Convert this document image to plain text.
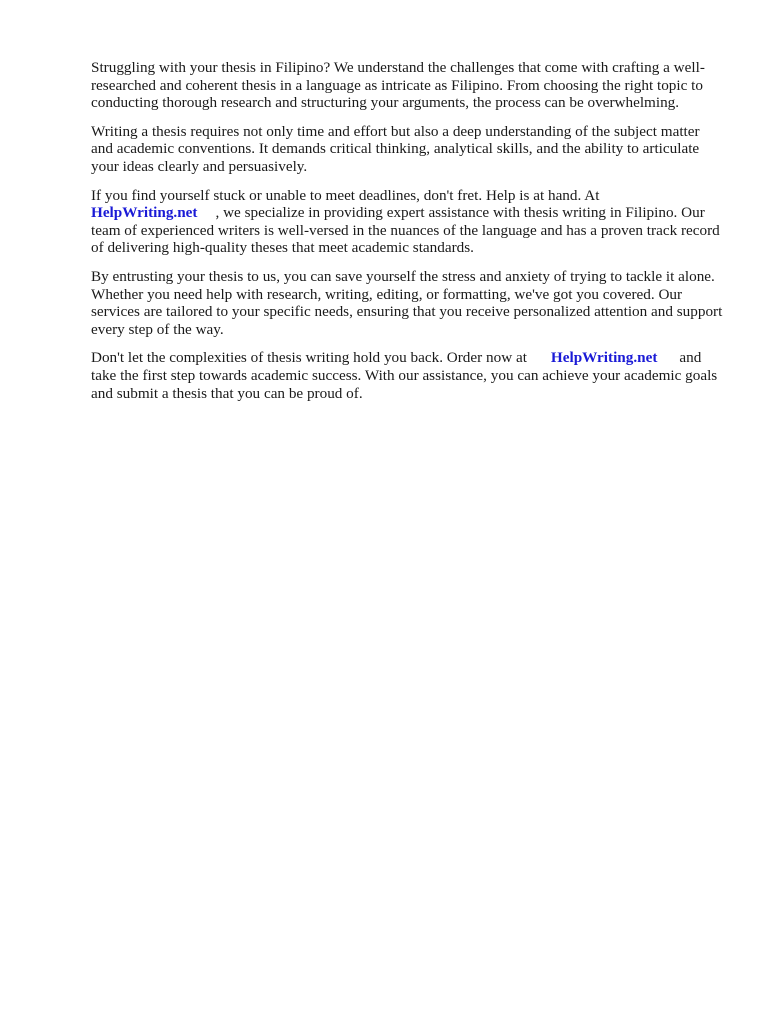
Struggling with your thesis in Filipino? We understand the challenges that come with crafting a well-researched and coherent thesis in a language as intricate as Filipino. From choosing the right topic to conducting thorough research and structuring your arguments, the process can be overwhelming.

Writing a thesis requires not only time and effort but also a deep understanding of the subject matter and academic conventions. It demands critical thinking, analytical skills, and the ability to articulate your ideas clearly and persuasively.

If you find yourself stuck or unable to meet deadlines, don't fret. Help is at hand. At
HelpWriting.net , we specialize in providing expert assistance with thesis writing in Filipino. Our team of experienced writers is well-versed in the nuances of the language and has a proven track record of delivering high-quality theses that meet academic standards.

By entrusting your thesis to us, you can save yourself the stress and anxiety of trying to tackle it alone. Whether you need help with research, writing, editing, or formatting, we've got you covered. Our services are tailored to your specific needs, ensuring that you receive personalized attention and support every step of the way.

Don't let the complexities of thesis writing hold you back. Order now at HelpWriting.net and
take the first step towards academic success. With our assistance, you can achieve your academic goals and submit a thesis that you can be proud of.
